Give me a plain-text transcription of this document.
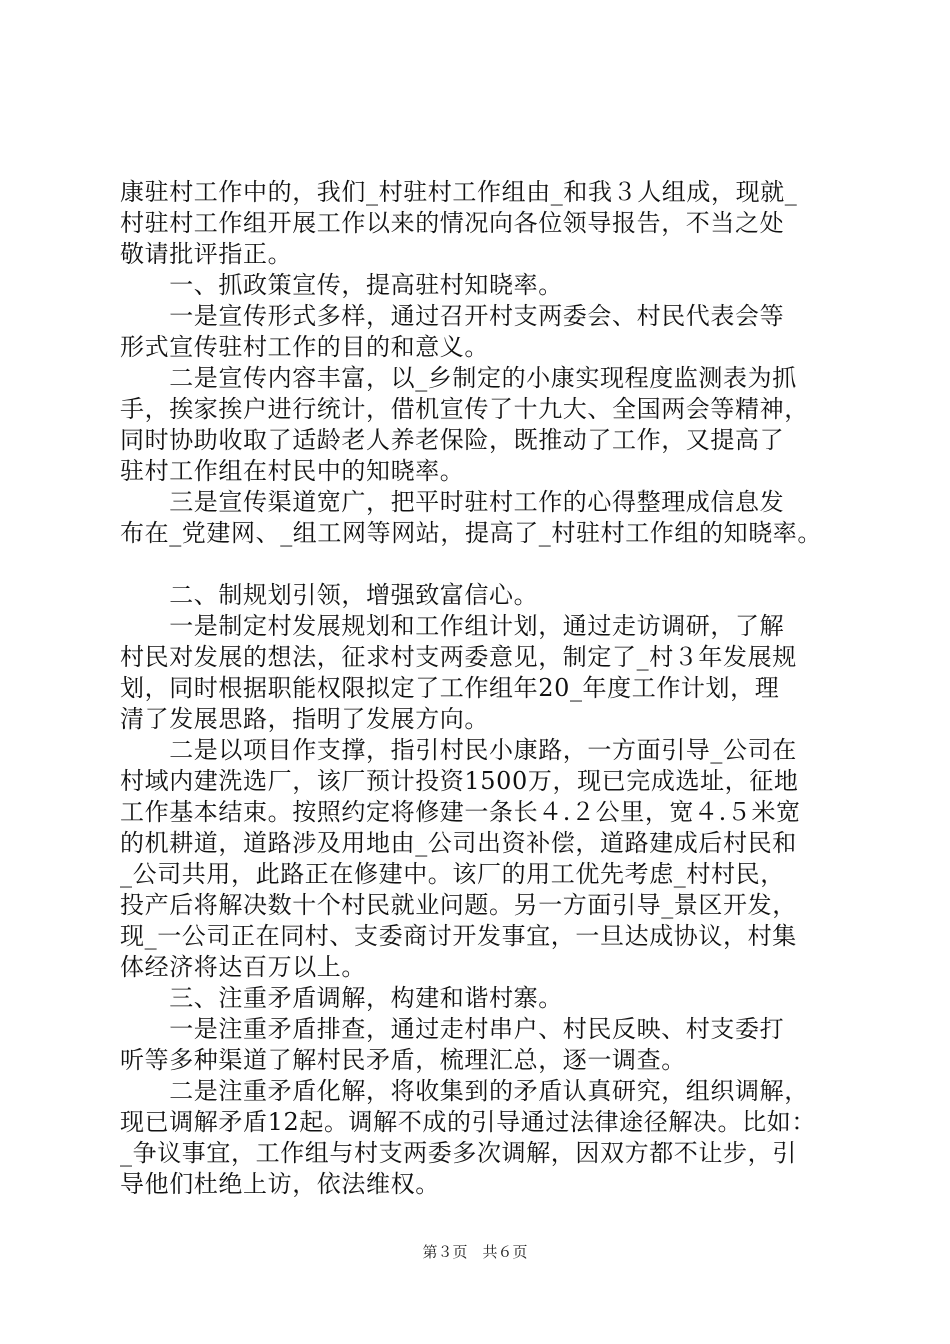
康驻村工作中的，我们_村驻村工作组由_和我３人组成，现就_
村驻村工作组开展工作以来的情况向各位领导报告，不当之处
敬请批评指正。
　　一、抓政策宣传，提高驻村知晓率。
　　一是宣传形式多样，通过召开村支两委会、村民代表会等
形式宣传驻村工作的目的和意义。
　　二是宣传内容丰富，以_乡制定的小康实现程度监测表为抓
手，挨家挨户进行统计，借机宣传了十九大、全国两会等精神，
同时协助收取了适龄老人养老保险，既推动了工作，又提高了
驻村工作组在村民中的知晓率。
　　三是宣传渠道宽广，把平时驻村工作的心得整理成信息发
布在_党建网、_组工网等网站，提高了_村驻村工作组的知晓率。
　　二、制规划引领，增强致富信心。
　　一是制定村发展规划和工作组计划，通过走访调研，了解
村民对发展的想法，征求村支两委意见，制定了_村３年发展规
划，同时根据职能权限拟定了工作组年20_年度工作计划，理
清了发展思路，指明了发展方向。
　　二是以项目作支撑，指引村民小康路，一方面引导_公司在
村域内建洗选厂，该厂预计投资1500万，现已完成选址，征地
工作基本结束。按照约定将修建一条长４.２公里，宽４.５米宽
的机耕道，道路涉及用地由_公司出资补偿，道路建成后村民和
_公司共用，此路正在修建中。该厂的用工优先考虑_村村民，
投产后将解决数十个村民就业问题。另一方面引导_景区开发，
现_一公司正在同村、支委商讨开发事宜，一旦达成协议，村集
体经济将达百万以上。
　　三、注重矛盾调解，构建和谐村寨。
　　一是注重矛盾排查，通过走村串户、村民反映、村支委打
听等多种渠道了解村民矛盾，梳理汇总，逐一调查。
　　二是注重矛盾化解，将收集到的矛盾认真研究，组织调解，
现已调解矛盾12起。调解不成的引导通过法律途径解决。比如：
_争议事宜，工作组与村支两委多次调解，因双方都不让步，引
导他们杜绝上访，依法维权。
第３页　共６页
